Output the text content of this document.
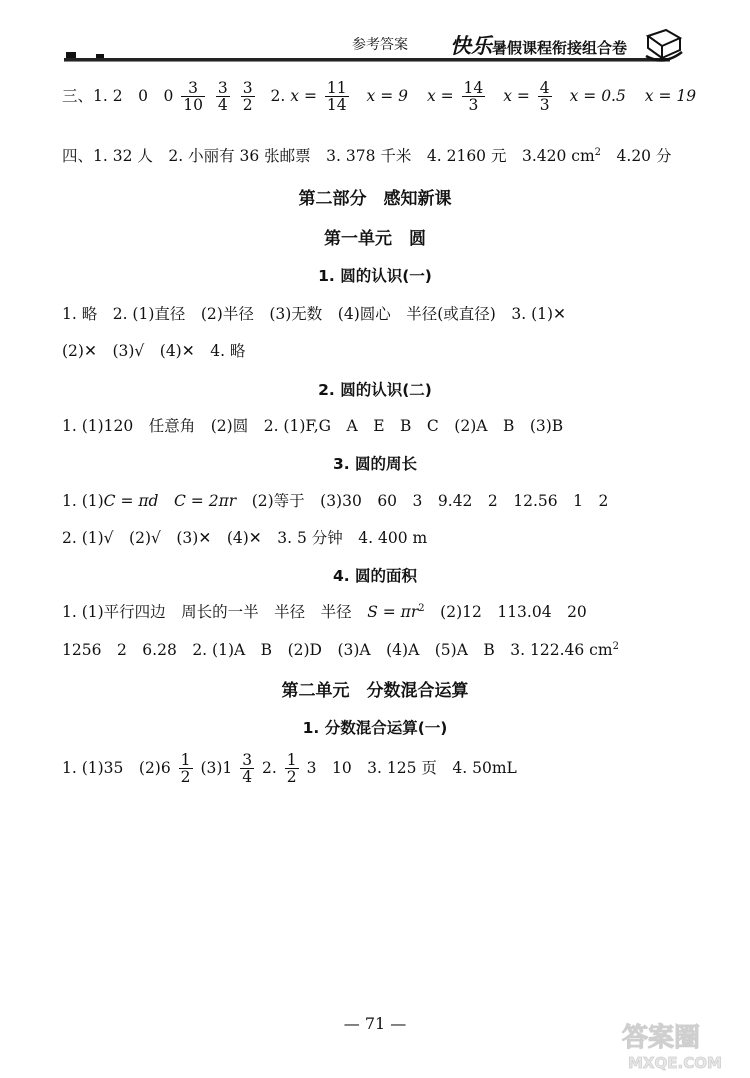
参考答案 快乐暑假课程衔接组合卷
三、1. 2　0　$0 \frac{3}{10}$
$\frac{3}{4}$
$\frac{3}{2} 2$. $x = \frac{11}{14}$ x = 9 $x = \frac{14}{3}$ $x = \frac{4}{3}$ x = 0.5 x = 19
四、1. 32 人　2. 小丽有 36 张邮票　3. 378 千米　4. 2160 元　3.420 $cm^2$　4.20 分
第二部分　感知新课
第一单元　圆
1. 圆的认识(一)
1. 略　2. (1)直径　(2)半径　(3)无数　(4)圆心　半径(或直径)　3. (1)✕
(2)✕　(3)√　(4)✕　4. 略
2. 圆的认识(二)
1. (1)120　任意角　(2)圆　2. (1)F,G　A　E　B　C　(2)A　B　(3)B
3. 圆的周长
1. (1)C = πd　 C = 2πr　 (2)等于　(3)30　60　3　9.42　2　12.56　1　2
2. (1)√　(2)√　(3)✕　(4)✕　3. 5 分钟　4. 400 m
4. 圆的面积
1. (1)平行四边　周长的一半　半径　半径　 $S = \pi r^2$　 (2)12　113.04　20
1256　2　6.28　2. (1)A　B　(2)D　(3)A　(4)A　(5)A　B　3. 122.46 $cm^2$
第二单元　分数混合运算
1. 分数混合运算(一)
1. (1)35　$(2)6 \frac{1}{2} (3)1 \frac{3}{4} 2$. $\frac{1}{2} 3$　10　3. 125 页　4. 50mL
— 71 —	答案圈
MXQE.COM
